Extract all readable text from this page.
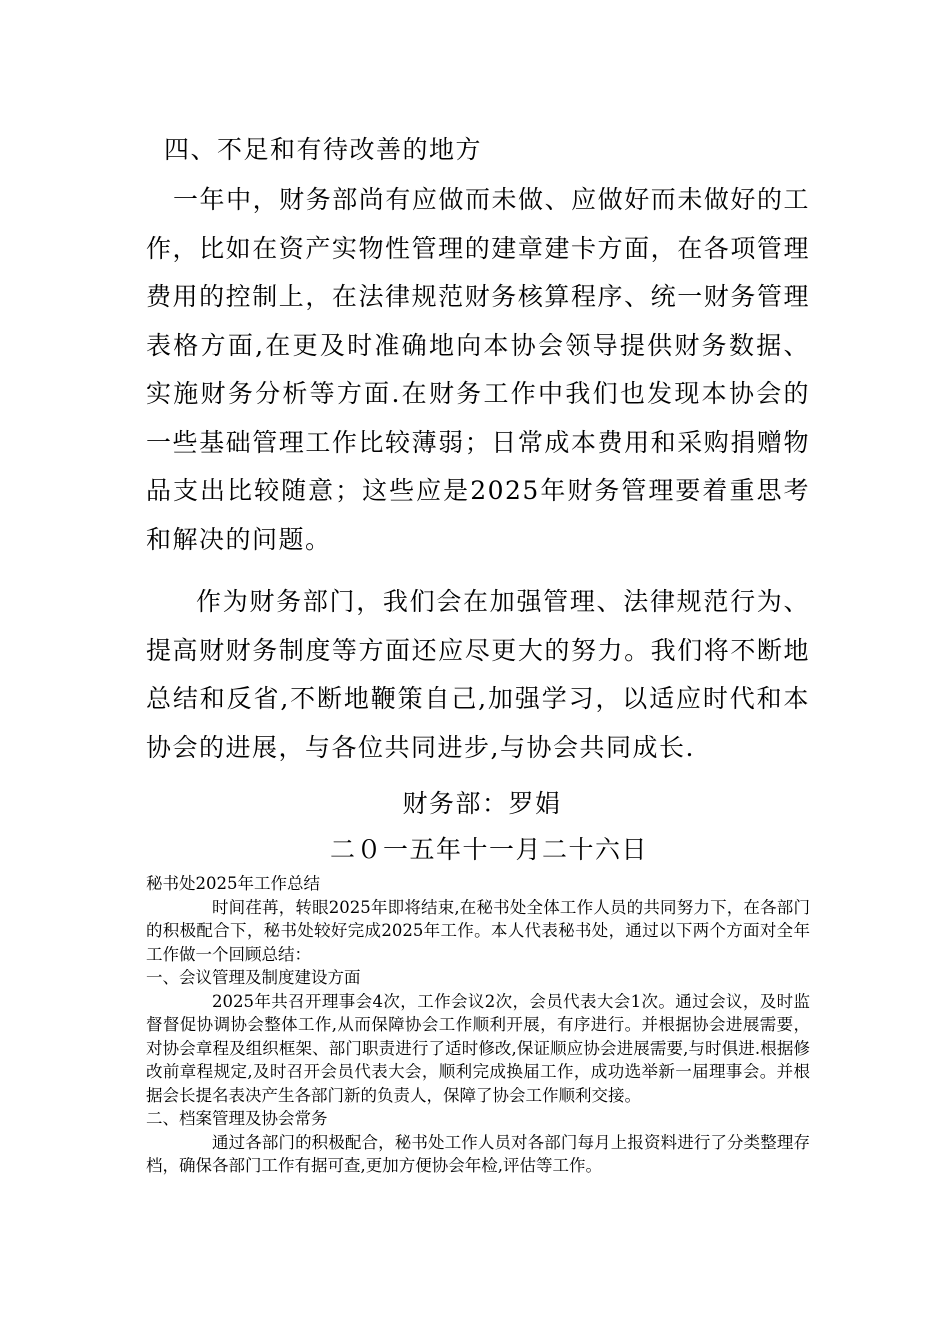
四、不足和有待改善的地方

一年中，财务部尚有应做而未做、应做好而未做好的工作，比如在资产实物性管理的建章建卡方面，在各项管理费用的控制上，在法律规范财务核算程序、统一财务管理表格方面,在更及时准确地向本协会领导提供财务数据、实施财务分析等方面.在财务工作中我们也发现本协会的一些基础管理工作比较薄弱；日常成本费用和采购捐赠物品支出比较随意；这些应是2025年财务管理要着重思考和解决的问题。

作为财务部门，我们会在加强管理、法律规范行为、提高财财务制度等方面还应尽更大的努力。我们将不断地总结和反省,不断地鞭策自己,加强学习，以适应时代和本协会的进展，与各位共同进步,与协会共同成长.

财务部：罗娟

二０一五年十一月二十六日

秘书处2025年工作总结

时间荏苒，转眼2025年即将结束,在秘书处全体工作人员的共同努力下，在各部门的积极配合下，秘书处较好完成2025年工作。本人代表秘书处，通过以下两个方面对全年工作做一个回顾总结：

一、会议管理及制度建设方面

2025年共召开理事会4次，工作会议2次，会员代表大会1次。通过会议，及时监督督促协调协会整体工作,从而保障协会工作顺利开展，有序进行。并根据协会进展需要，对协会章程及组织框架、部门职责进行了适时修改,保证顺应协会进展需要,与时俱进.根据修改前章程规定,及时召开会员代表大会，顺利完成换届工作，成功选举新一届理事会。并根据会长提名表决产生各部门新的负责人，保障了协会工作顺利交接。

二、档案管理及协会常务

通过各部门的积极配合，秘书处工作人员对各部门每月上报资料进行了分类整理存档，确保各部门工作有据可查,更加方便协会年检,评估等工作。
